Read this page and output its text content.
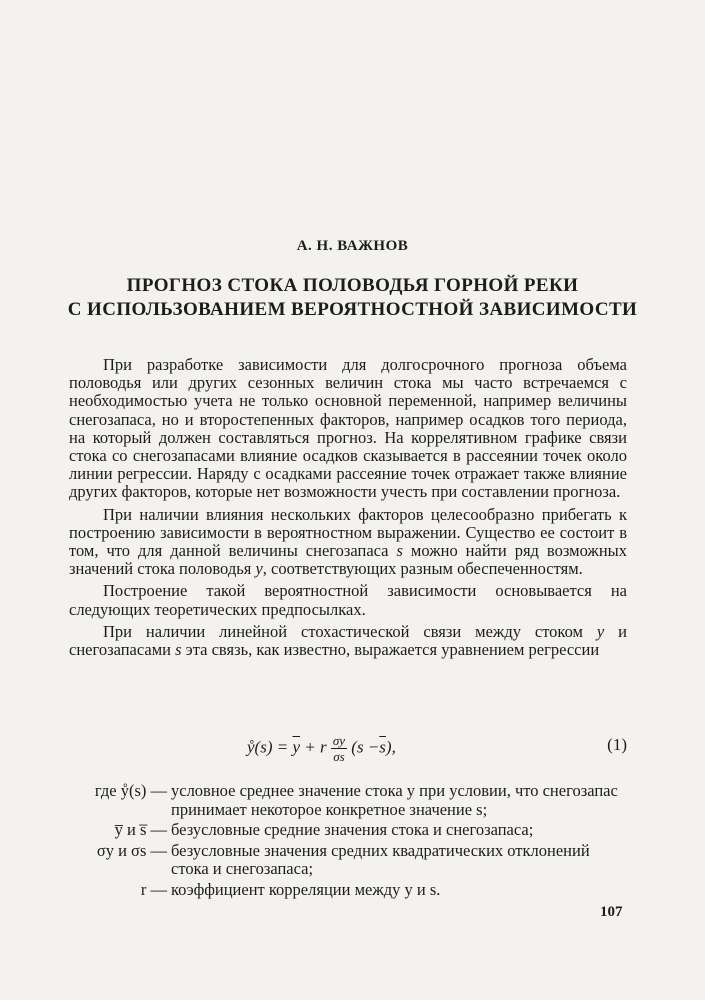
А. Н. ВАЖНОВ
ПРОГНОЗ СТОКА ПОЛОВОДЬЯ ГОРНОЙ РЕКИ
С ИСПОЛЬЗОВАНИЕМ ВЕРОЯТНОСТНОЙ ЗАВИСИМОСТИ

При разработке зависимости для долгосрочного прогноза объема половодья или других сезонных величин стока мы часто встречаемся с необходимостью учета не только основной переменной, например величины снегозапаса, но и второстепенных факторов, например осадков того периода, на который должен составляться прогноз. На коррелятивном графике связи стока со снегозапасами влияние осадков сказывается в рассеянии точек около линии регрессии. Наряду с осадками рассеяние точек отражает также влияние других факторов, которые нет возможности учесть при составлении прогноза.

При наличии влияния нескольких факторов целесообразно прибегать к построению зависимости в вероятностном выражении. Существо ее состоит в том, что для данной величины снегозапаса s можно найти ряд возможных значений стока половодья y, соответствующих разным обеспеченностям.

Построение такой вероятностной зависимости основывается на следующих теоретических предпосылках.

При наличии линейной стохастической связи между стоком y и снегозапасами s эта связь, как известно, выражается уравнением регрессии

ẙ(s) = $\overline{y} + r \frac{\sigma y}{\sigma s} (s -\overline{s})$,	(1)
где ẙ(s) — условное среднее значение стока y при условии, что снегозапас принимает некоторое конкретное значение s;
y̅ и s̅ — безусловные средние значения стока и снегозапаса;
σy и σs — безусловные значения средних квадратических отклонений стока и снегозапаса;
r — коэффициент корреляции между y и s.
107
